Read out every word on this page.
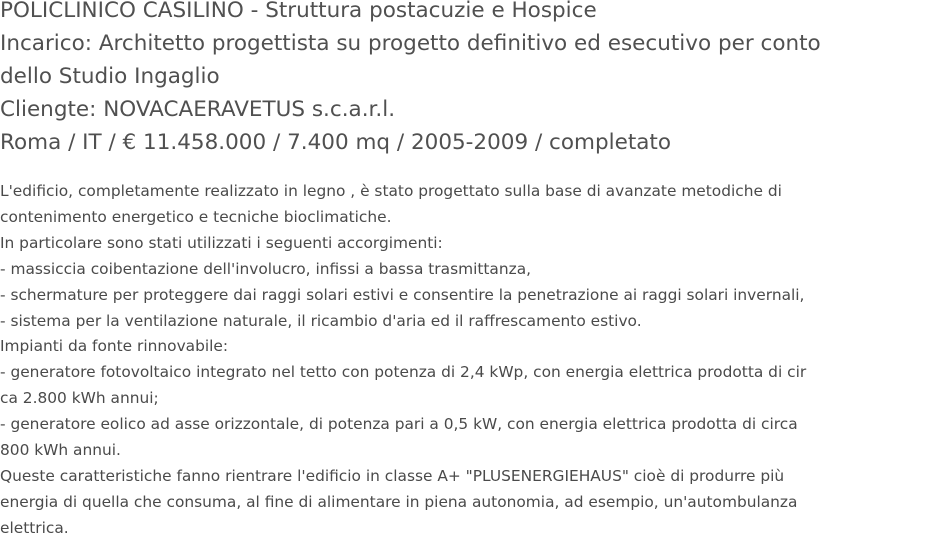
POLICLINICO CASILINO - Struttura postacuzie e Hospice
Incarico: Architetto progettista su progetto definitivo ed esecutivo per conto
dello Studio Ingaglio
Cliengte: NOVACAERAVETUS s.c.a.r.l.
Roma / IT / € 11.458.000 / 7.400 mq / 2005-2009 / completato
L'edificio, completamente realizzato in legno , è stato progettato sulla base di avanzate metodiche di
contenimento energetico e tecniche bioclimatiche.
In particolare sono stati utilizzati i seguenti accorgimenti:
- massiccia coibentazione dell'involucro, infissi a bassa trasmittanza,
- schermature per proteggere dai raggi solari estivi e consentire la penetrazione ai raggi solari invernali,
- sistema per la ventilazione naturale, il ricambio d'aria ed il raffrescamento estivo.
Impianti da fonte rinnovabile:
- generatore fotovoltaico integrato nel tetto con potenza di 2,4 kWp, con energia elettrica prodotta di cir
ca 2.800 kWh annui;
- generatore eolico ad asse orizzontale, di potenza pari a 0,5 kW, con energia elettrica prodotta di circa
800 kWh annui.
Queste caratteristiche fanno rientrare l'edificio in classe A+ "PLUSENERGIEHAUS" cioè di produrre più
energia di quella che consuma, al fine di alimentare in piena autonomia, ad esempio, un'autombulanza
elettrica.
